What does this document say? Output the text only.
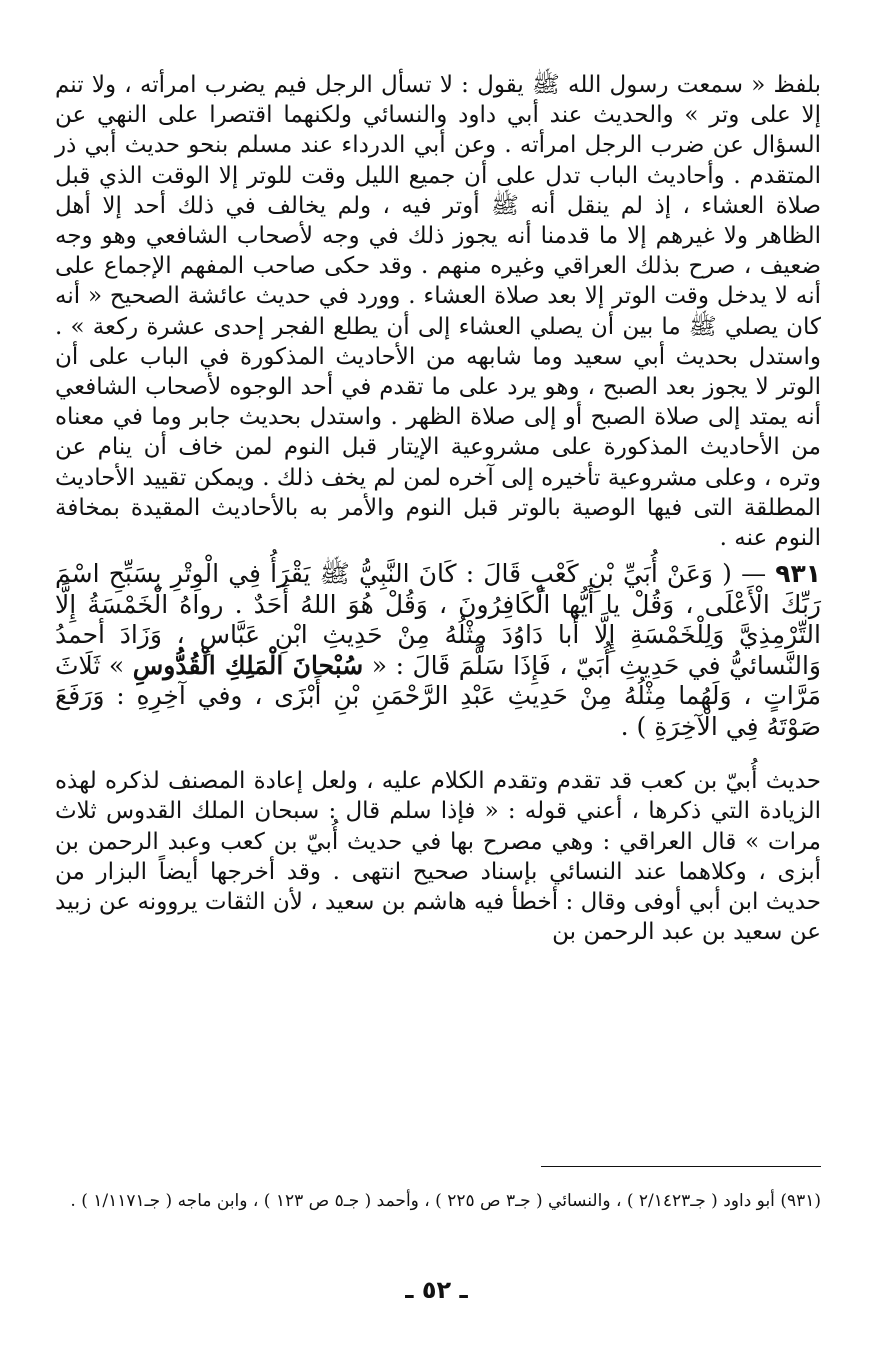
بلفظ « سمعت رسول الله ﷺ يقول : لا تسأل الرجل فيم يضرب امرأته ، ولا تنم إلا على وتر » والحديث عند أبي داود والنسائي ولكنهما اقتصرا على النهي عن السؤال عن ضرب الرجل امرأته . وعن أبي الدرداء عند مسلم بنحو حديث أبي ذر المتقدم . وأحاديث الباب تدل على أن جميع الليل وقت للوتر إلا الوقت الذي قبل صلاة العشاء ، إذ لم ينقل أنه ﷺ أوتر فيه ، ولم يخالف في ذلك أحد إلا أهل الظاهر ولا غيرهم إلا ما قدمنا أنه يجوز ذلك في وجه لأصحاب الشافعي وهو وجه ضعيف ، صرح بذلك العراقي وغيره منهم . وقد حكى صاحب المفهم الإجماع على أنه لا يدخل وقت الوتر إلا بعد صلاة العشاء . وورد في حديث عائشة الصحيح « أنه كان يصلي ﷺ ما بين أن يصلي العشاء إلى أن يطلع الفجر إحدى عشرة ركعة » . واستدل بحديث أبي سعيد وما شابهه من الأحاديث المذكورة في الباب على أن الوتر لا يجوز بعد الصبح ، وهو يرد على ما تقدم في أحد الوجوه لأصحاب الشافعي أنه يمتد إلى صلاة الصبح أو إلى صلاة الظهر . واستدل بحديث جابر وما في معناه من الأحاديث المذكورة على مشروعية الإيتار قبل النوم لمن خاف أن ينام عن وتره ، وعلى مشروعية تأخيره إلى آخره لمن لم يخف ذلك . ويمكن تقييد الأحاديث المطلقة التى فيها الوصية بالوتر قبل النوم والأمر به بالأحاديث المقيدة بمخافة النوم عنه .

٩٣١ — ( وَعَنْ أُبَيِّ بْنِ كَعْبٍ قَالَ : كَانَ النَّبِيُّ ﷺ يَقْرَأُ فِي الْوِتْرِ بِسَبِّحِ اسْمَ رَبِّكَ الْأَعْلَى ، وَقُلْ يا أَيُّها الْكَافِرُونَ ، وَقُلْ هُوَ اللهُ أَحَدٌ . رواهُ الْخَمْسَةُ إِلَّا التِّرْمِذِيَّ وَلِلْخَمْسَةِ إِلَّا أَبا دَاوُدَ مِثْلُهُ مِنْ حَدِيثِ ابْنِ عَبَّاسٍ ، وَزَادَ أحمدُ وَالنَّسائيُّ في حَدِيثِ أُبَيّ ، فَإِذَا سَلَّمَ قَالَ : « سُبْحانَ الْمَلِكِ الْقُدُّوسِ » ثَلَاثَ مَرَّاتٍ ، وَلَهُما مِثْلُهُ مِنْ حَدِيثِ عَبْدِ الرَّحْمَنِ بْنِ أَبْزَى ، وفي آخِرِهِ : وَرَفَعَ صَوْتَهُ فِي الْآخِرَةِ ) .

حديث أُبيّ بن كعب قد تقدم وتقدم الكلام عليه ، ولعل إعادة المصنف لذكره لهذه الزيادة التي ذكرها ، أعني قوله : « فإذا سلم قال : سبحان الملك القدوس ثلاث مرات » قال العراقي : وهي مصرح بها في حديث أُبيّ بن كعب وعبد الرحمن بن أبزى ، وكلاهما عند النسائي بإسناد صحيح انتهى . وقد أخرجها أيضاً البزار من حديث ابن أبي أوفى وقال : أخطأ فيه هاشم بن سعيد ، لأن الثقات يروونه عن زبيد عن سعيد بن عبد الرحمن بن

(٩٣١) أبو داود ( جـ٢/١٤٢٣ ) ، والنسائي ( جـ٣ ص ٢٢٥ ) ، وأحمد ( جـ٥ ص ١٢٣ ) ، وابن ماجه ( جـ١/١١٧١ ) .
ـ ٥٢ ـ
